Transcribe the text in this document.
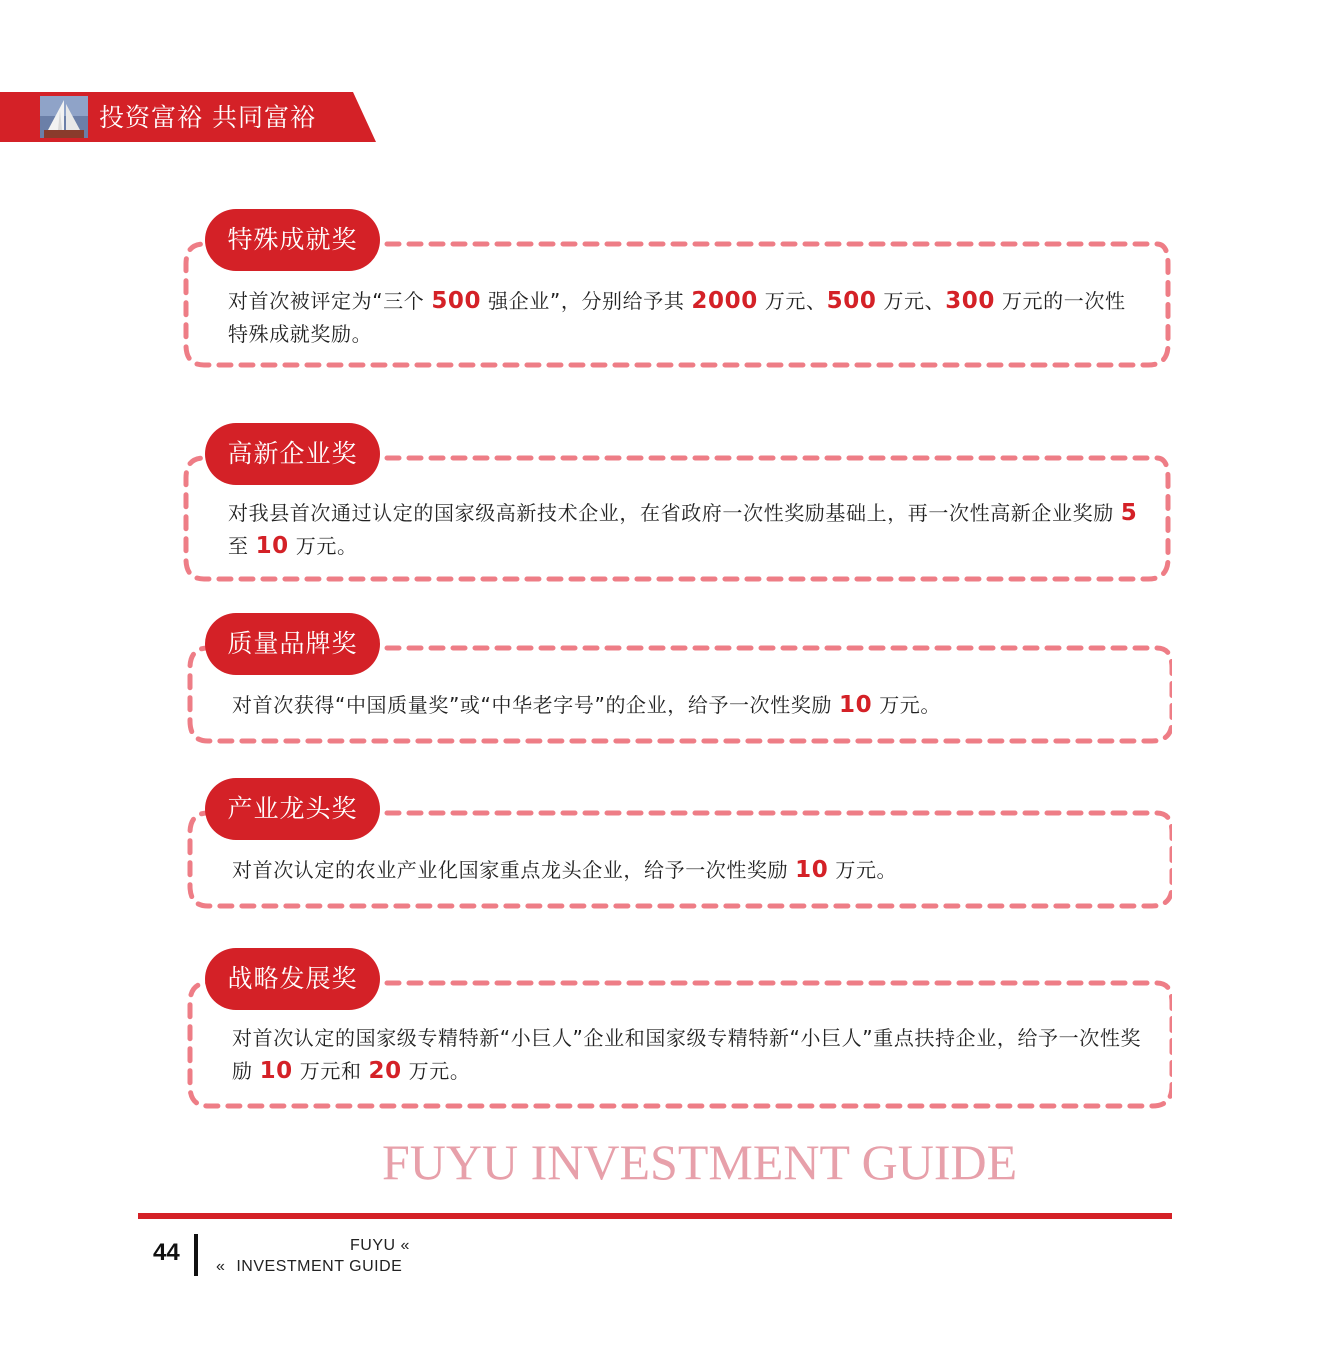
投资富裕 共同富裕
特殊成就奖
对首次被评定为“三个 500 强企业”，分别给予其 2000 万元、500 万元、300 万元的一次性特殊成就奖励。
高新企业奖
对我县首次通过认定的国家级高新技术企业，在省政府一次性奖励基础上，再一次性高新企业奖励 5 至 10 万元。
质量品牌奖
对首次获得“中国质量奖”或“中华老字号”的企业，给予一次性奖励 10 万元。
产业龙头奖
对首次认定的农业产业化国家重点龙头企业，给予一次性奖励 10 万元。
战略发展奖
对首次认定的国家级专精特新“小巨人”企业和国家级专精特新“小巨人”重点扶持企业，给予一次性奖励 10 万元和 20 万元。
FUYU INVESTMENT GUIDE
44	FUYU «
« INVESTMENT GUIDE
